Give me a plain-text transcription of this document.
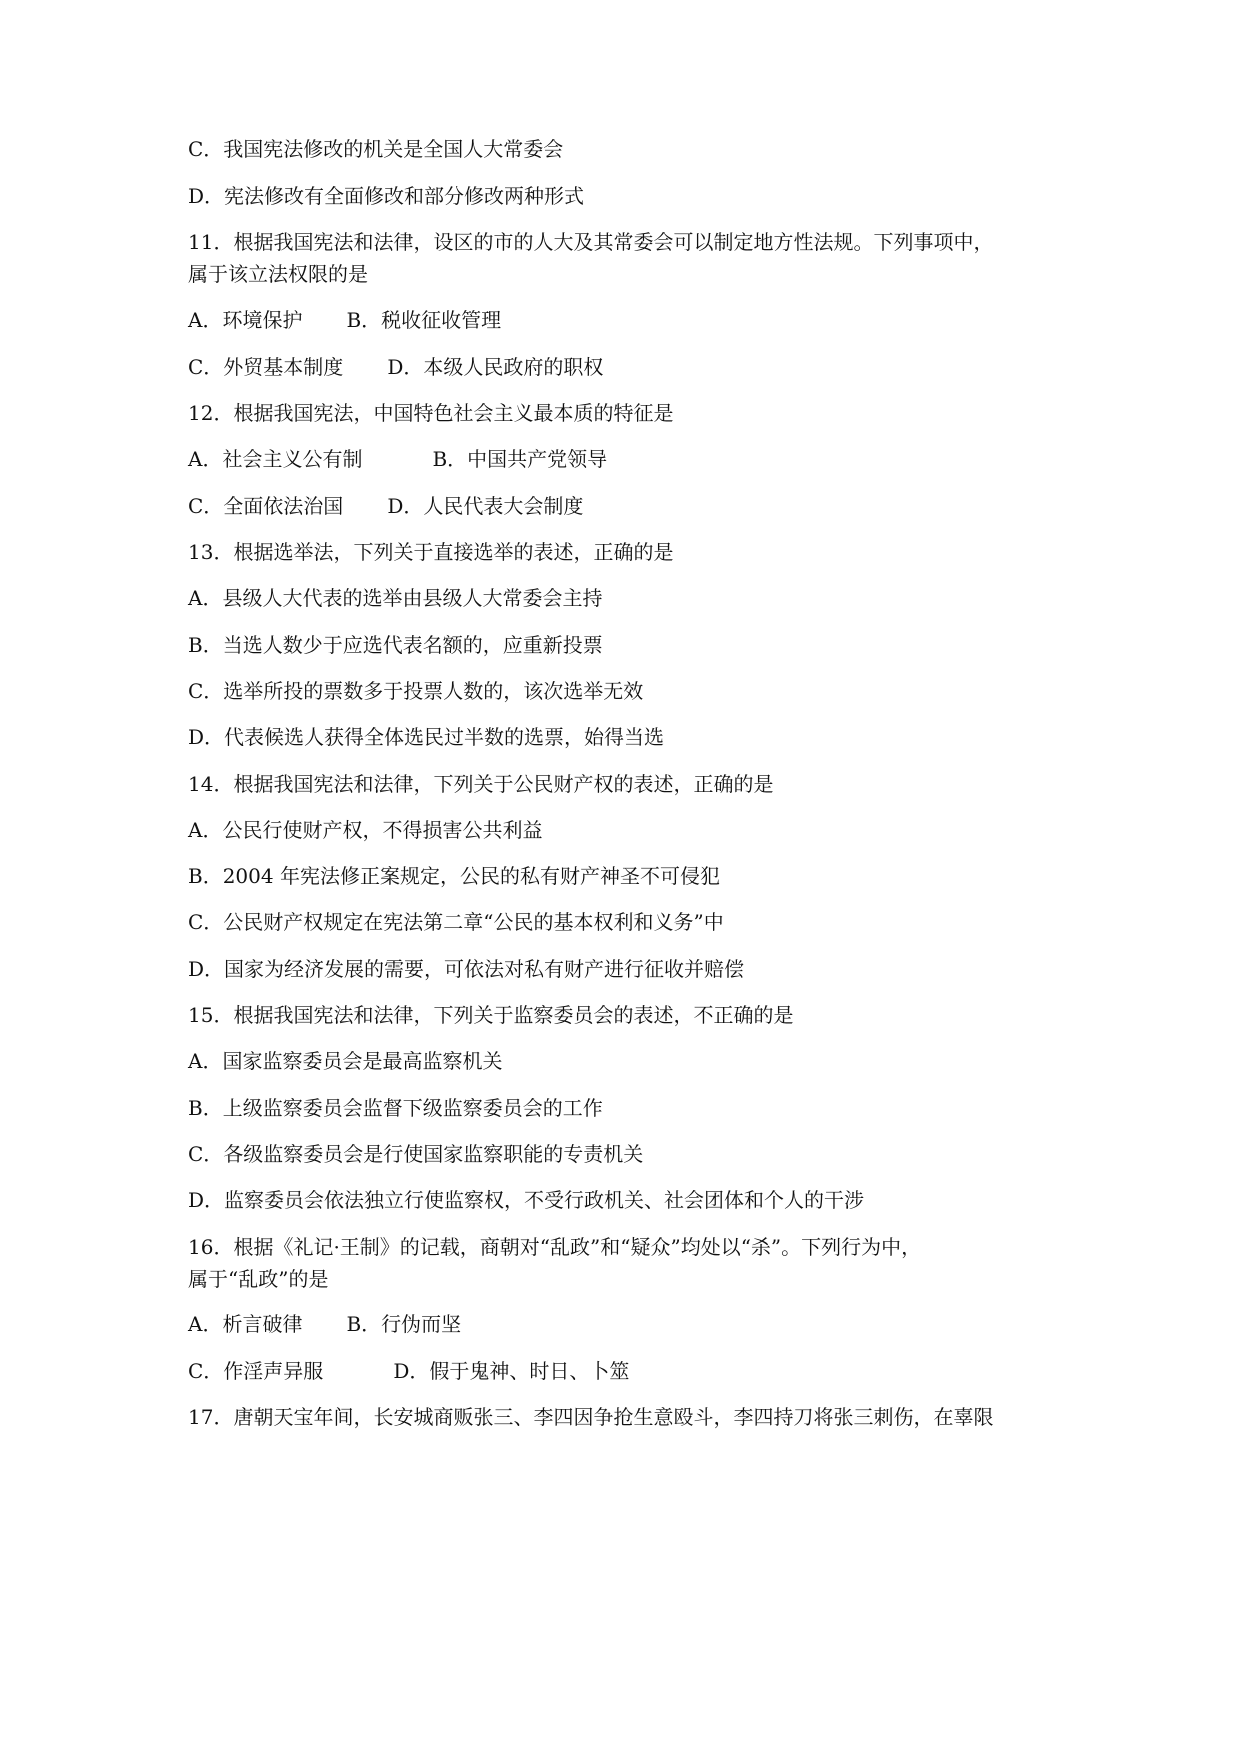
C．我国宪法修改的机关是全国人大常委会
D．宪法修改有全面修改和部分修改两种形式
11．根据我国宪法和法律，设区的市的人大及其常委会可以制定地方性法规。下列事项中，
属于该立法权限的是
A．环境保护 B．税收征收管理
C．外贸基本制度 D．本级人民政府的职权
12．根据我国宪法，中国特色社会主义最本质的特征是
A．社会主义公有制	B．中国共产党领导
C．全面依法治国 D．人民代表大会制度
13．根据选举法，下列关于直接选举的表述，正确的是
A．县级人大代表的选举由县级人大常委会主持
B．当选人数少于应选代表名额的，应重新投票
C．选举所投的票数多于投票人数的，该次选举无效
D．代表候选人获得全体选民过半数的选票，始得当选
14．根据我国宪法和法律，下列关于公民财产权的表述，正确的是
A．公民行使财产权，不得损害公共利益
B．2004 年宪法修正案规定，公民的私有财产神圣不可侵犯
C．公民财产权规定在宪法第二章“公民的基本权利和义务”中
D．国家为经济发展的需要，可依法对私有财产进行征收并赔偿
15．根据我国宪法和法律，下列关于监察委员会的表述，不正确的是
A．国家监察委员会是最高监察机关
B．上级监察委员会监督下级监察委员会的工作
C．各级监察委员会是行使国家监察职能的专责机关
D．监察委员会依法独立行使监察权，不受行政机关、社会团体和个人的干涉
16．根据《礼记·王制》的记载，商朝对“乱政”和“疑众”均处以“杀”。下列行为中，
属于“乱政”的是
A．析言破律 B．行伪而坚
C．作淫声异服	D．假于鬼神、时日、卜筮
17．唐朝天宝年间，长安城商贩张三、李四因争抢生意殴斗，李四持刀将张三刺伤，在辜限
